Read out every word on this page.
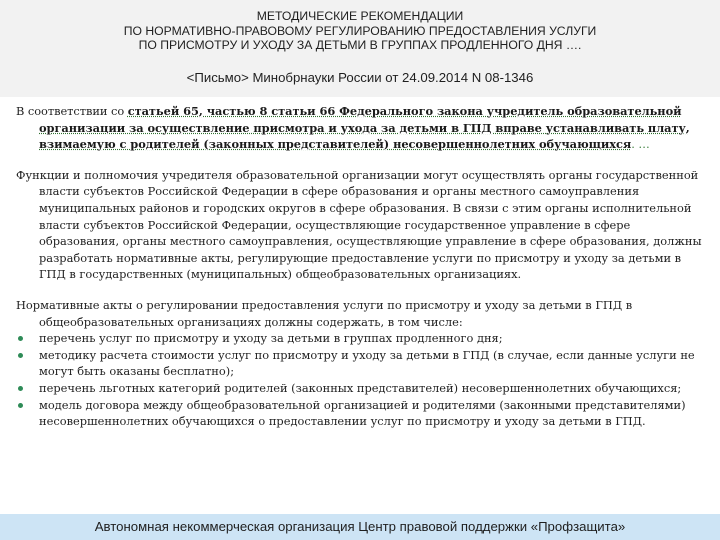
МЕТОДИЧЕСКИЕ РЕКОМЕНДАЦИИ
ПО НОРМАТИВНО-ПРАВОВОМУ РЕГУЛИРОВАНИЮ ПРЕДОСТАВЛЕНИЯ УСЛУГИ
ПО ПРИСМОТРУ И УХОДУ ЗА ДЕТЬМИ В ГРУППАХ ПРОДЛЕННОГО ДНЯ ….
<Письмо> Минобрнауки России от 24.09.2014 N 08-1346

В соответствии со статьей 65, частью 8 статьи 66 Федерального закона учредитель образовательной организации за осуществление присмотра и ухода за детьми в ГПД вправе устанавливать плату, взимаемую с родителей (законных представителей) несовершеннолетних обучающихся. …

Функции и полномочия учредителя образовательной организации могут осуществлять органы государственной власти субъектов Российской Федерации в сфере образования и органы местного самоуправления муниципальных районов и городских округов в сфере образования. В связи с этим органы исполнительной власти субъектов Российской Федерации, осуществляющие государственное управление в сфере образования, органы местного самоуправления, осуществляющие управление в сфере образования, должны разработать нормативные акты, регулирующие предоставление услуги по присмотру и уходу за детьми в ГПД в государственных (муниципальных) общеобразовательных организациях.

Нормативные акты о регулировании предоставления услуги по присмотру и уходу за детьми в ГПД в общеобразовательных организациях должны содержать, в том числе:

перечень услуг по присмотру и уходу за детьми в группах продленного дня;
методику расчета стоимости услуг по присмотру и уходу за детьми в ГПД (в случае, если данные услуги не могут быть оказаны бесплатно);
перечень льготных категорий родителей (законных представителей) несовершеннолетних обучающихся;
модель договора между общеобразовательной организацией и родителями (законными представителями) несовершеннолетних обучающихся о предоставлении услуг по присмотру и уходу за детьми в ГПД.
Автономная некоммерческая организация Центр правовой поддержки «Профзащита»
